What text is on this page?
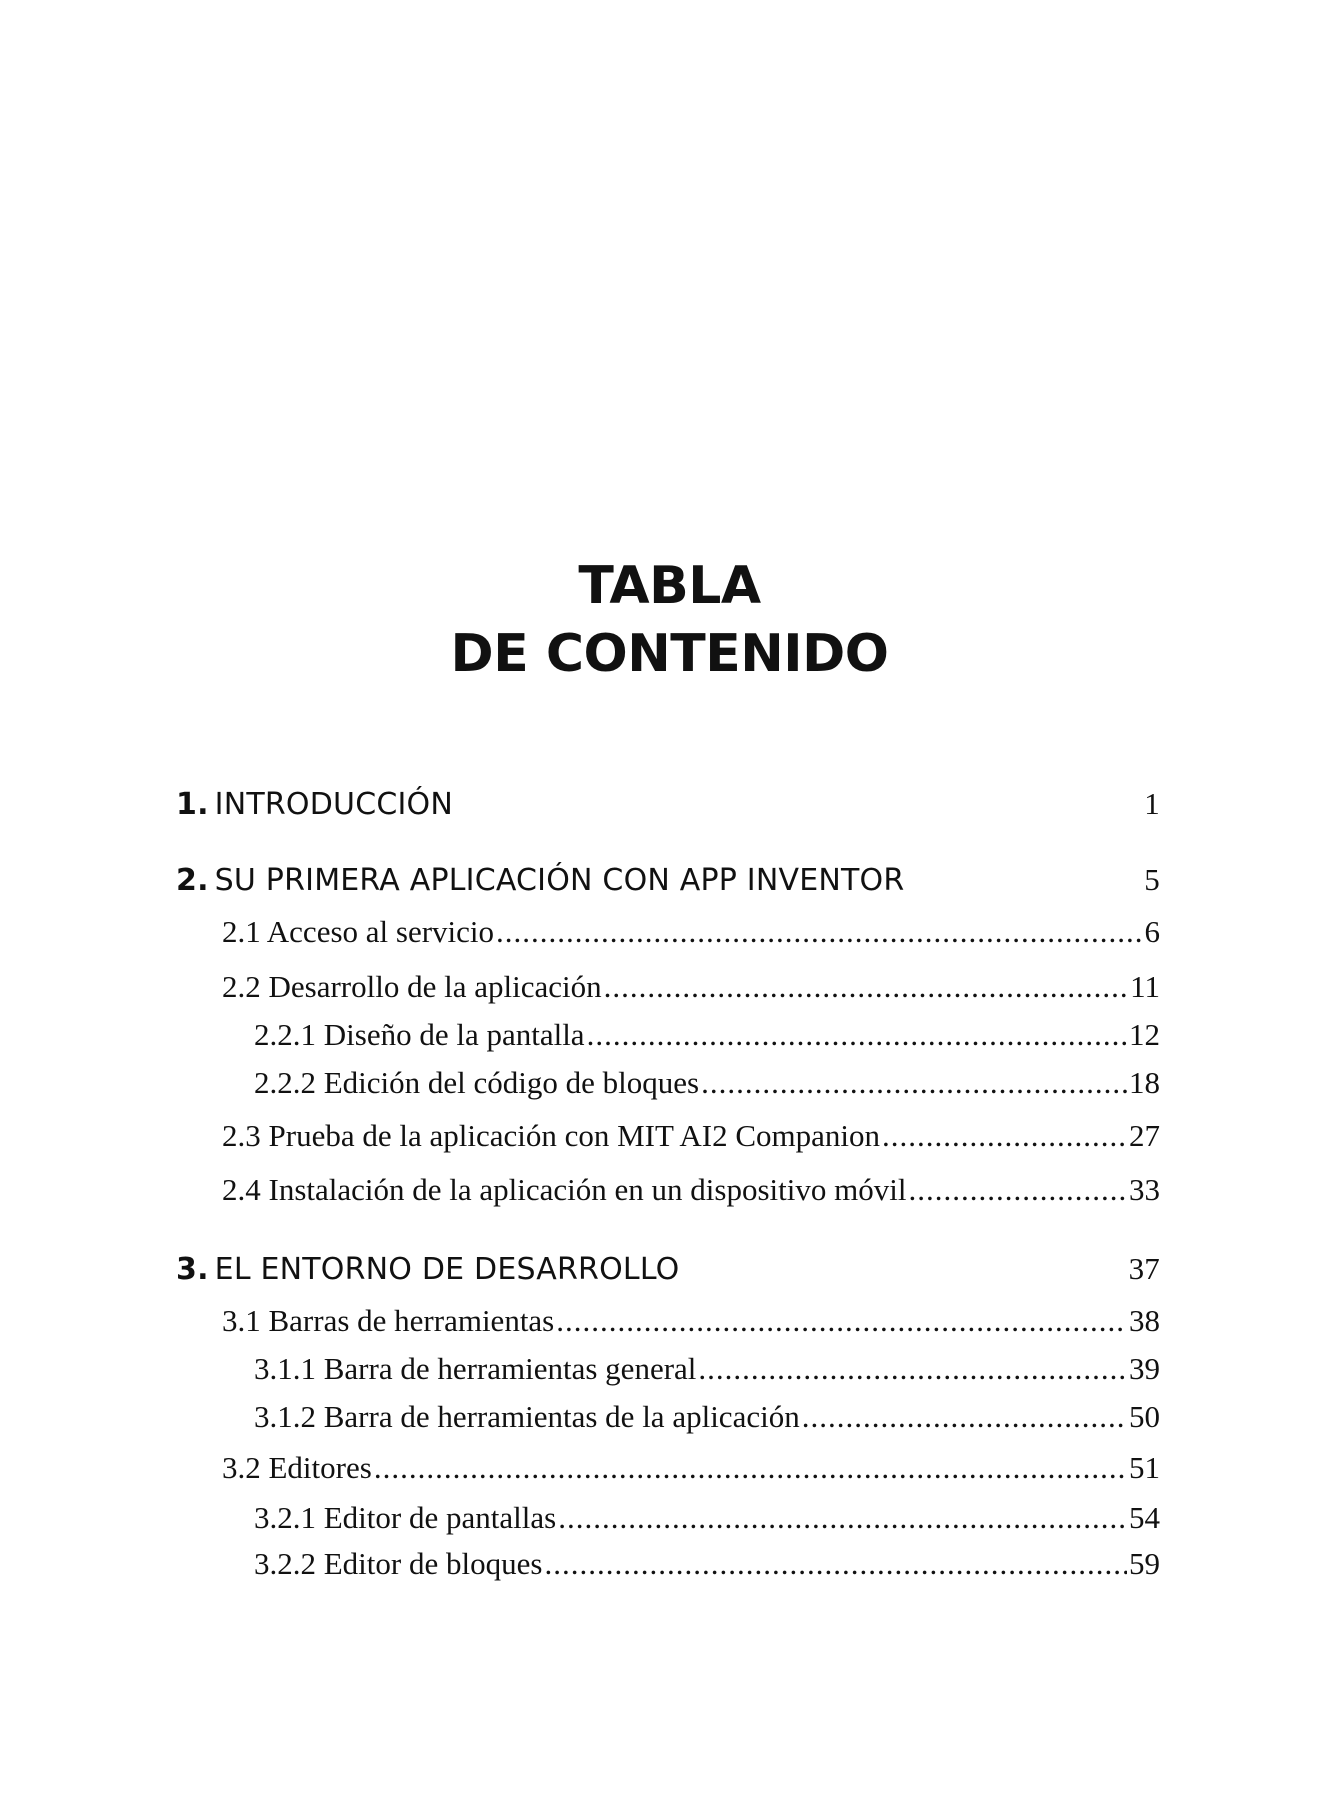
TABLA
DE CONTENIDO
1. INTRODUCCIÓN	1
2. SU PRIMERA APLICACIÓN CON APP INVENTOR	5
2.1 Acceso al servicio .....	6
2.2 Desarrollo de la aplicación .....	11
2.2.1 Diseño de la pantalla .....	12
2.2.2 Edición del código de bloques .....	18
2.3 Prueba de la aplicación con MIT AI2 Companion .....	27
2.4 Instalación de la aplicación en un dispositivo móvil .....	33
3. EL ENTORNO DE DESARROLLO	37
3.1 Barras de herramientas .....	38
3.1.1 Barra de herramientas general .....	39
3.1.2 Barra de herramientas de la aplicación .....	50
3.2 Editores .....	51
3.2.1 Editor de pantallas .....	54
3.2.2 Editor de bloques .....	59
